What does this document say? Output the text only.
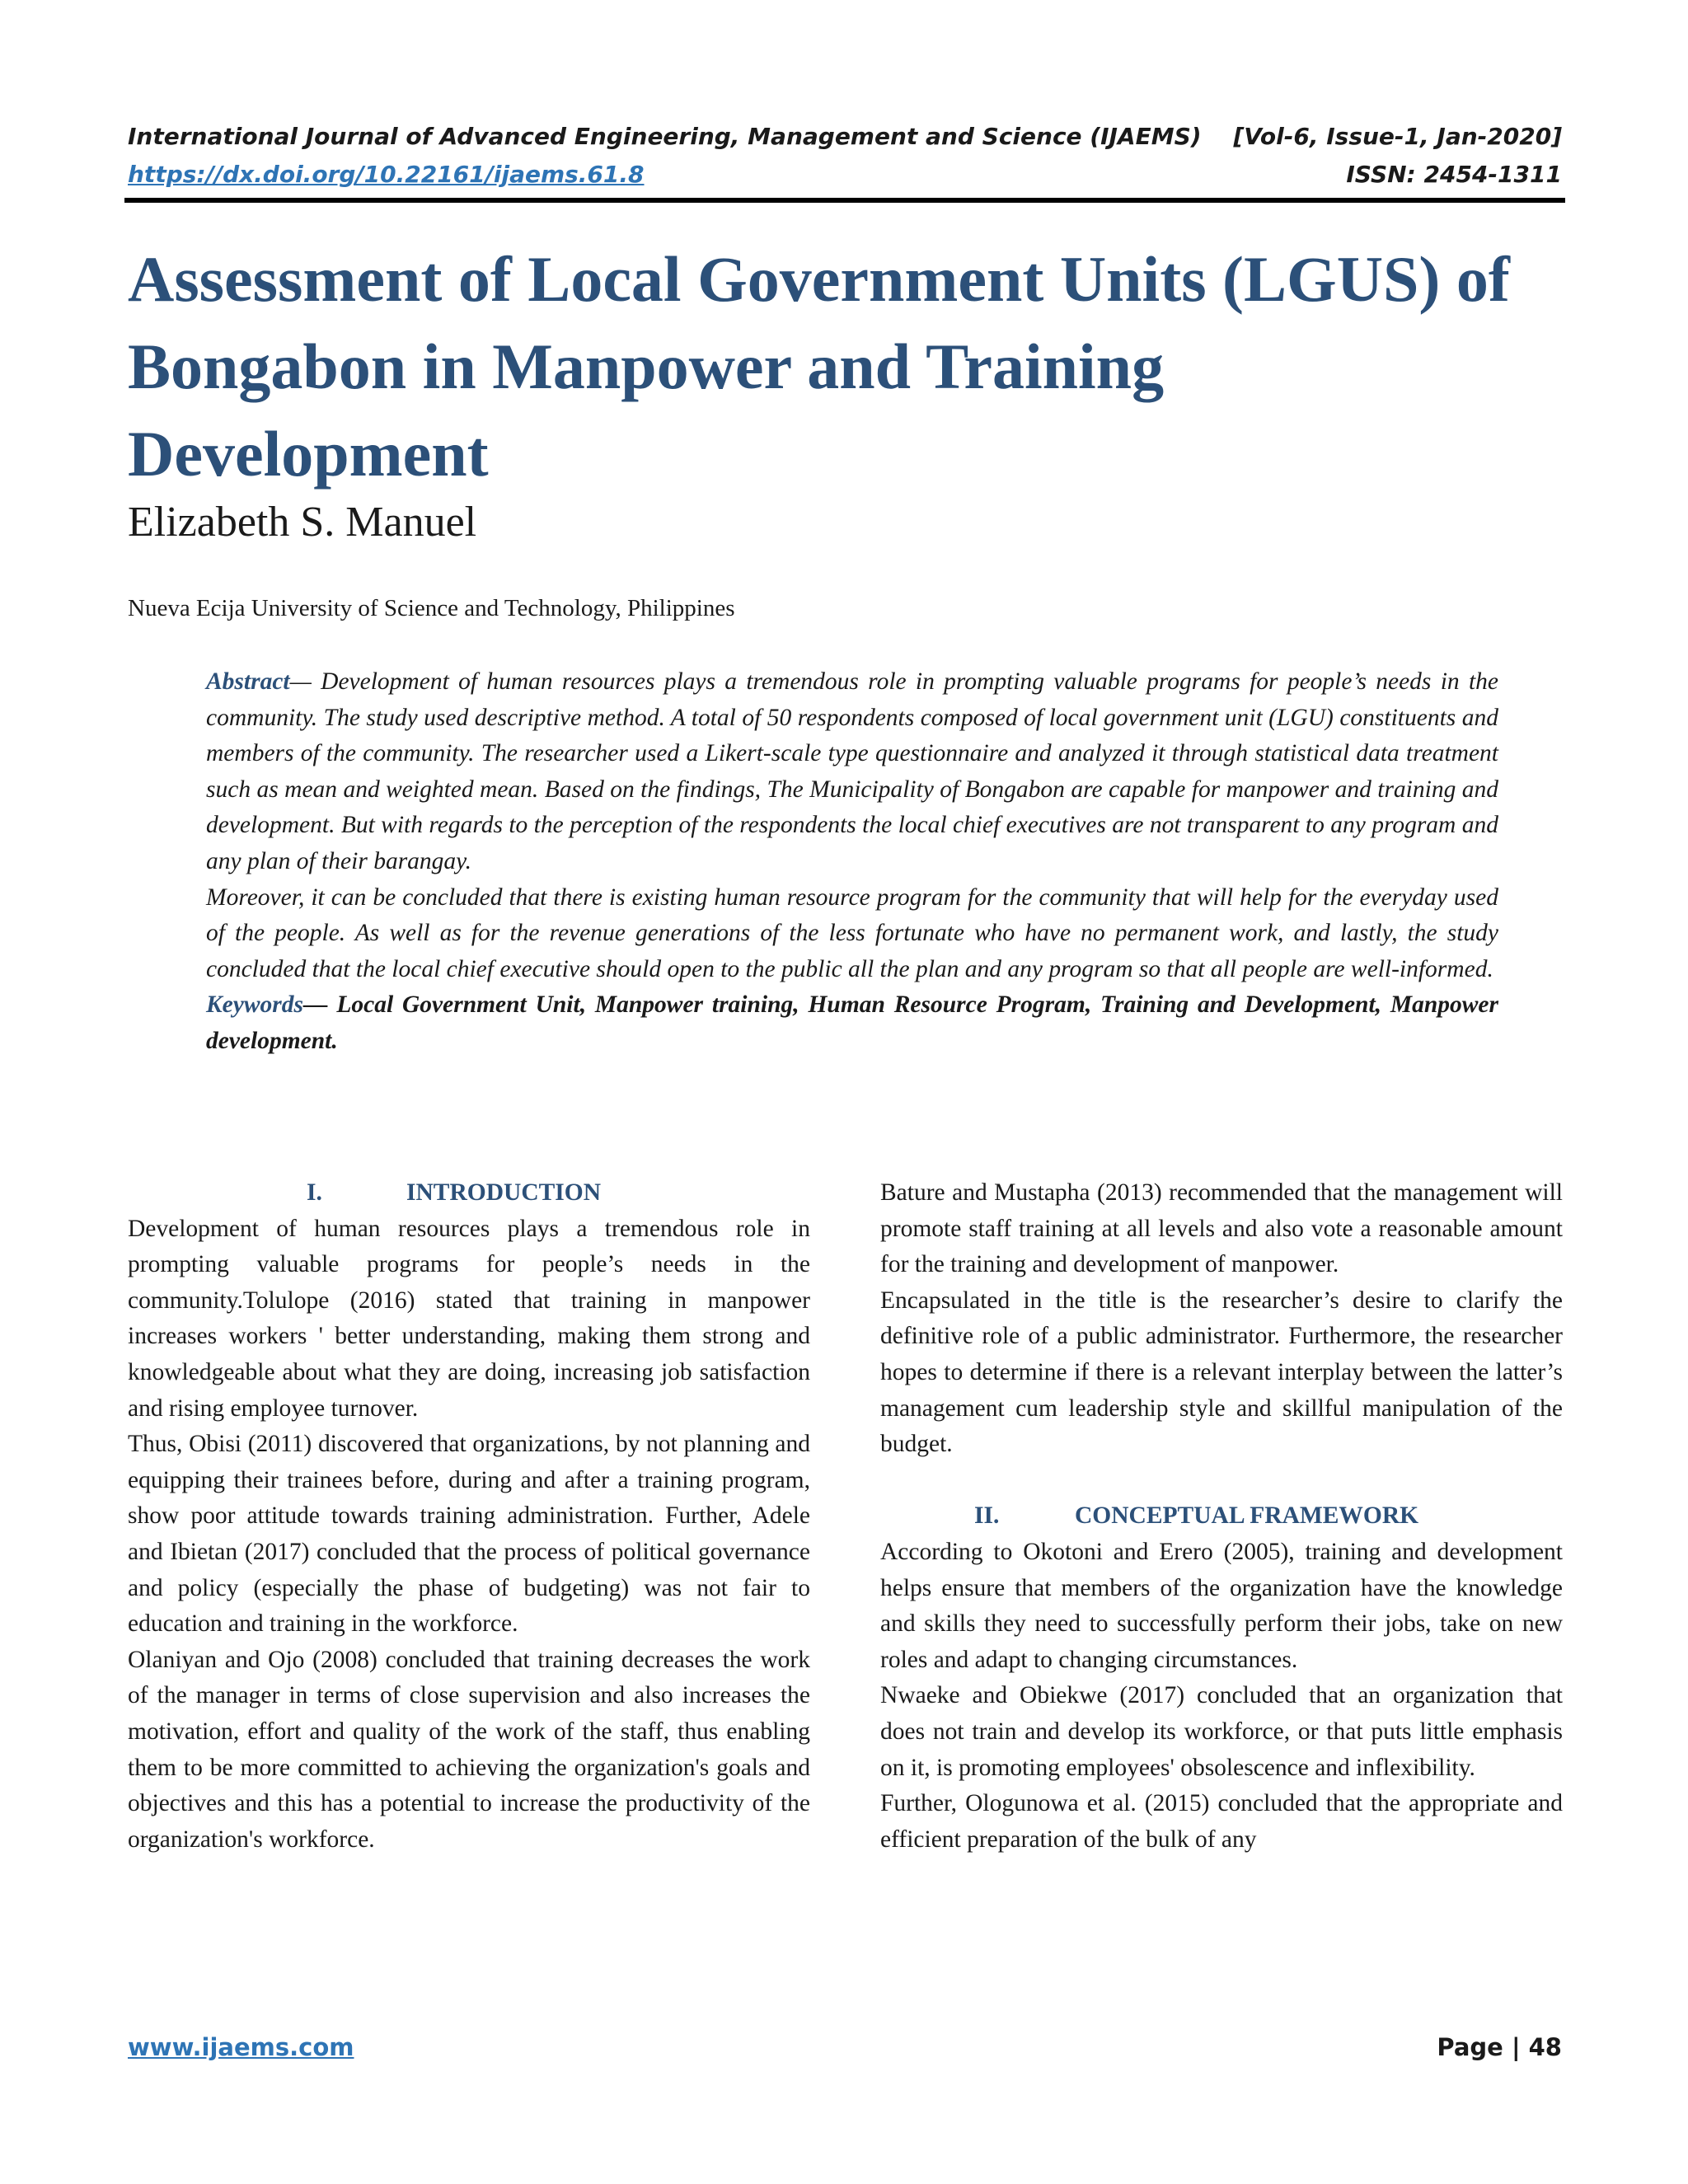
International Journal of Advanced Engineering, Management and Science (IJAEMS) [Vol-6, Issue-1, Jan-2020]
https://dx.doi.org/10.22161/ijaems.61.8	ISSN: 2454-1311
Assessment of Local Government Units (LGUS) of
Bongabon in Manpower and Training
Development
Elizabeth S. Manuel
Nueva Ecija University of Science and Technology, Philippines

Abstract— Development of human resources plays a tremendous role in prompting valuable programs for people’s needs in the community. The study used descriptive method. A total of 50 respondents composed of local government unit (LGU) constituents and members of the community. The researcher used a Likert-scale type questionnaire and analyzed it through statistical data treatment such as mean and weighted mean. Based on the findings, The Municipality of Bongabon are capable for manpower and training and development. But with regards to the perception of the respondents the local chief executives are not transparent to any program and any plan of their barangay.

Moreover, it can be concluded that there is existing human resource program for the community that will help for the everyday used of the people. As well as for the revenue generations of the less fortunate who have no permanent work, and lastly, the study concluded that the local chief executive should open to the public all the plan and any program so that all people are well-informed.

Keywords— Local Government Unit, Manpower training, Human Resource Program, Training and Development, Manpower development.

I.	INTRODUCTION

Development of human resources plays a tremendous role in prompting valuable programs for people’s needs in the community.Tolulope (2016) stated that training in manpower increases workers ' better understanding, making them strong and knowledgeable about what they are doing, increasing job satisfaction and rising employee turnover.

Thus, Obisi (2011) discovered that organizations, by not planning and equipping their trainees before, during and after a training program, show poor attitude towards training administration. Further, Adele and Ibietan (2017) concluded that the process of political governance and policy (especially the phase of budgeting) was not fair to education and training in the workforce.

Olaniyan and Ojo (2008) concluded that training decreases the work of the manager in terms of close supervision and also increases the motivation, effort and quality of the work of the staff, thus enabling them to be more committed to achieving the organization's goals and objectives and this has a potential to increase the productivity of the organization's workforce.

Bature and Mustapha (2013) recommended that the management will promote staff training at all levels and also vote a reasonable amount for the training and development of manpower.

Encapsulated in the title is the researcher’s desire to clarify the definitive role of a public administrator. Furthermore, the researcher hopes to determine if there is a relevant interplay between the latter’s management cum leadership style and skillful manipulation of the budget.

II.	CONCEPTUAL FRAMEWORK

According to Okotoni and Erero (2005), training and development helps ensure that members of the organization have the knowledge and skills they need to successfully perform their jobs, take on new roles and adapt to changing circumstances.

Nwaeke and Obiekwe (2017) concluded that an organization that does not train and develop its workforce, or that puts little emphasis on it, is promoting employees' obsolescence and inflexibility.

Further, Ologunowa et al. (2015) concluded that the appropriate and efficient preparation of the bulk of any

www.ijaems.com	Page | 48
